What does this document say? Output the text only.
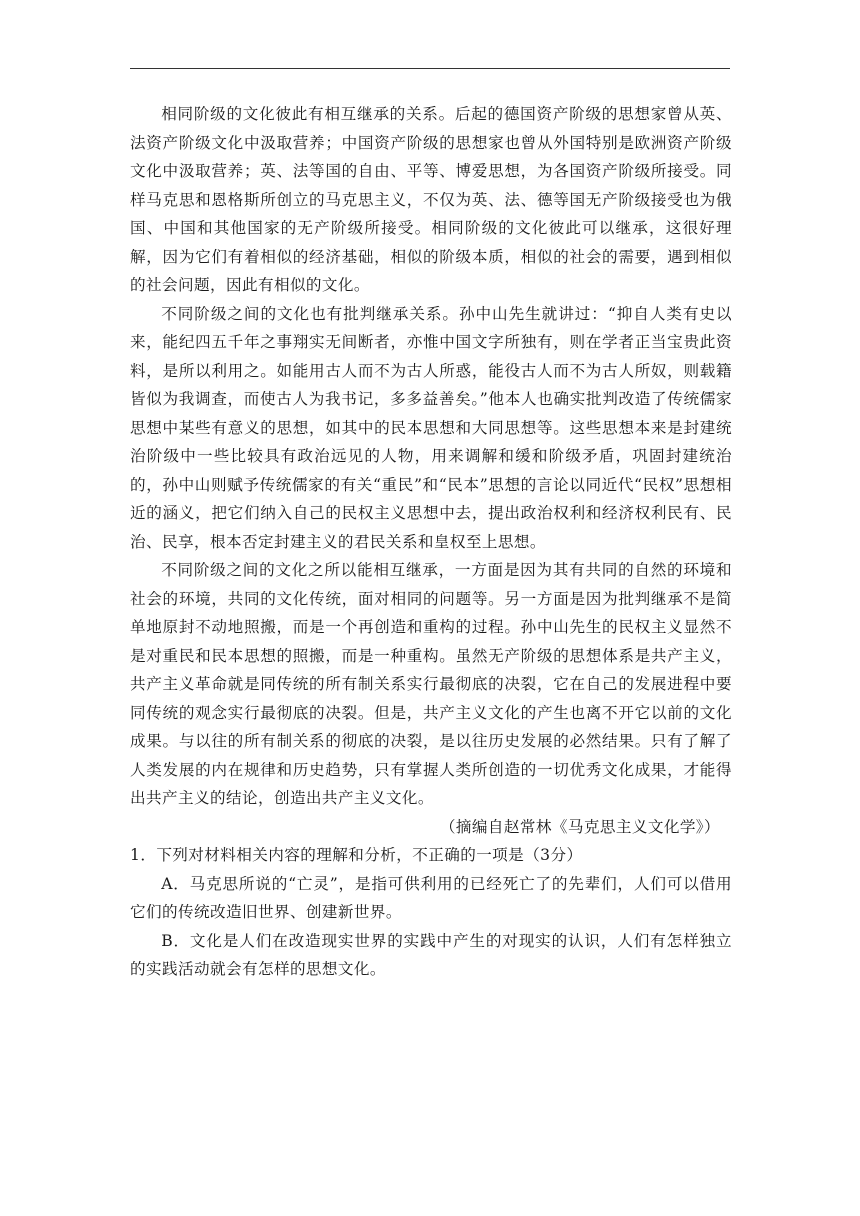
相同阶级的文化彼此有相互继承的关系。后起的德国资产阶级的思想家曾从英、法资产阶级文化中汲取营养；中国资产阶级的思想家也曾从外国特别是欧洲资产阶级文化中汲取营养；英、法等国的自由、平等、博爱思想，为各国资产阶级所接受。同样马克思和恩格斯所创立的马克思主义，不仅为英、法、德等国无产阶级接受也为俄国、中国和其他国家的无产阶级所接受。相同阶级的文化彼此可以继承，这很好理解，因为它们有着相似的经济基础，相似的阶级本质，相似的社会的需要，遇到相似的社会问题，因此有相似的文化。

不同阶级之间的文化也有批判继承关系。孙中山先生就讲过：“抑自人类有史以来，能纪四五千年之事翔实无间断者，亦惟中国文字所独有，则在学者正当宝贵此资料，是所以利用之。如能用古人而不为古人所惑，能役古人而不为古人所奴，则载籍皆似为我调查，而使古人为我书记，多多益善矣。”他本人也确实批判改造了传统儒家思想中某些有意义的思想，如其中的民本思想和大同思想等。这些思想本来是封建统治阶级中一些比较具有政治远见的人物，用来调解和缓和阶级矛盾，巩固封建统治的，孙中山则赋予传统儒家的有关“重民”和“民本”思想的言论以同近代“民权”思想相近的涵义，把它们纳入自己的民权主义思想中去，提出政治权利和经济权利民有、民治、民享，根本否定封建主义的君民关系和皇权至上思想。

不同阶级之间的文化之所以能相互继承，一方面是因为其有共同的自然的环境和社会的环境，共同的文化传统，面对相同的问题等。另一方面是因为批判继承不是简单地原封不动地照搬，而是一个再创造和重构的过程。孙中山先生的民权主义显然不是对重民和民本思想的照搬，而是一种重构。虽然无产阶级的思想体系是共产主义，共产主义革命就是同传统的所有制关系实行最彻底的决裂，它在自己的发展进程中要同传统的观念实行最彻底的决裂。但是，共产主义文化的产生也离不开它以前的文化成果。与以往的所有制关系的彻底的决裂，是以往历史发展的必然结果。只有了解了人类发展的内在规律和历史趋势，只有掌握人类所创造的一切优秀文化成果，才能得出共产主义的结论，创造出共产主义文化。

（摘编自赵常林《马克思主义文化学》）

1．下列对材料相关内容的理解和分析，不正确的一项是（3分）

A．马克思所说的“亡灵”，是指可供利用的已经死亡了的先辈们，人们可以借用它们的传统改造旧世界、创建新世界。

B．文化是人们在改造现实世界的实践中产生的对现实的认识，人们有怎样独立的实践活动就会有怎样的思想文化。
